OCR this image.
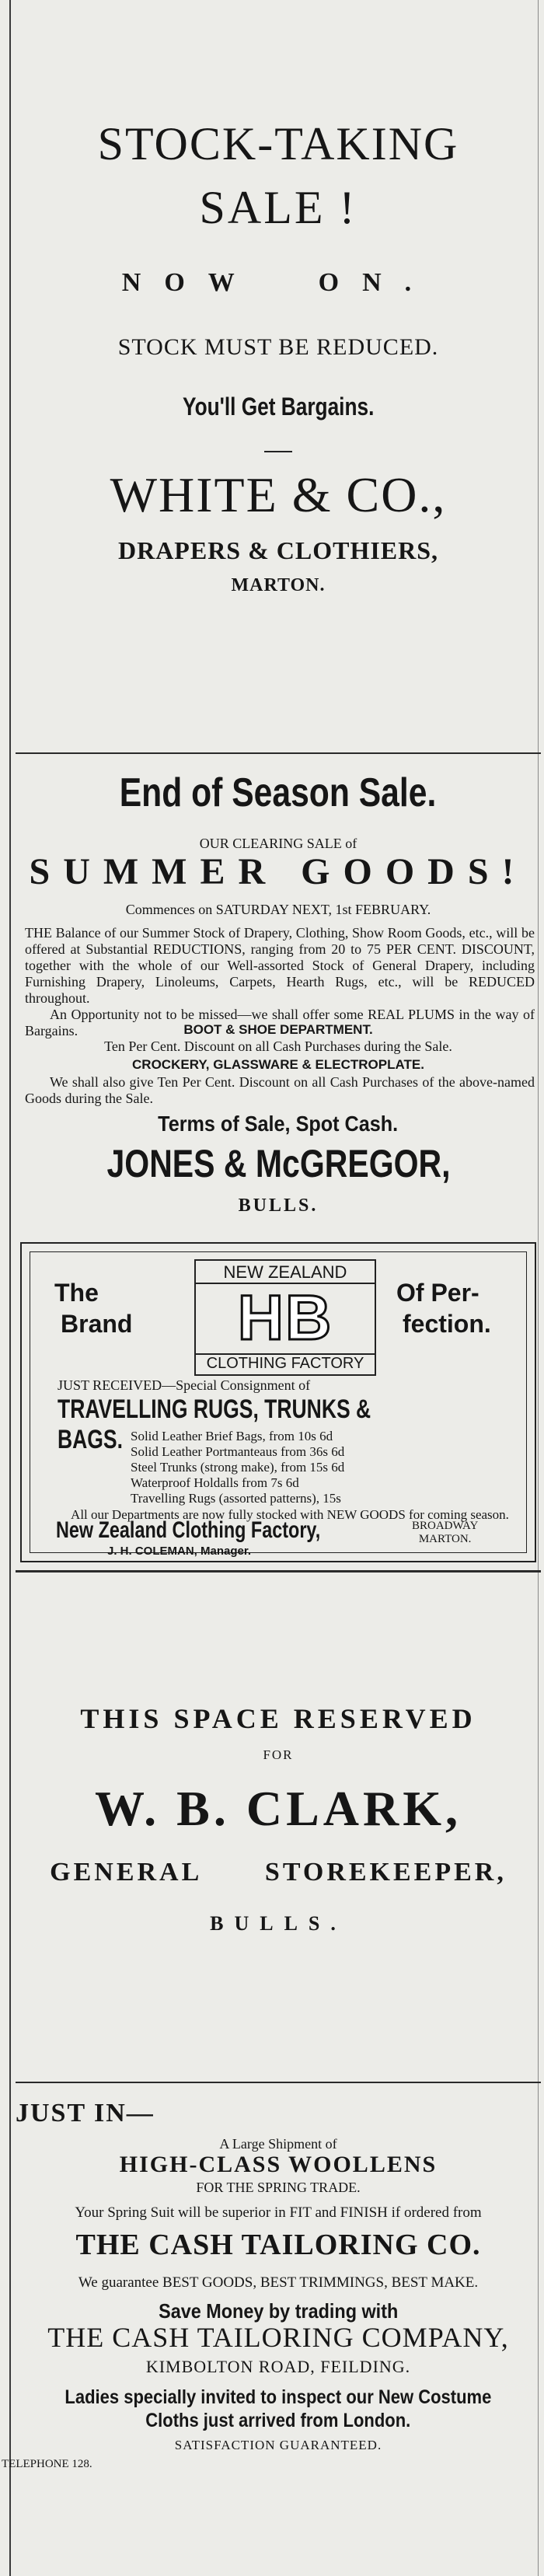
STOCK-TAKING
SALE !
NOW ON.
STOCK MUST BE REDUCED.
You'll Get Bargains.
WHITE & CO.,
DRAPERS & CLOTHIERS,
MARTON.
End of Season Sale.
OUR CLEARING SALE of
SUMMER GOODS!
Commences on SATURDAY NEXT, 1st FEBRUARY.

THE Balance of our Summer Stock of Drapery, Clothing, Show Room Goods, etc., will be offered at Substantial REDUCTIONS, ranging from 20 to 75 PER CENT. DISCOUNT, together with the whole of our Well-assorted Stock of General Drapery, including Furnishing Drapery, Linoleums, Carpets, Hearth Rugs, etc., will be REDUCED throughout.

An Opportunity not to be missed—we shall offer some REAL PLUMS in the way of Bargains.	BOOT & SHOE DEPARTMENT.
Ten Per Cent. Discount on all Cash Purchases during the Sale.
CROCKERY, GLASSWARE & ELECTROPLATE.

We shall also give Ten Per Cent. Discount on all Cash Purchases of the above-named Goods during the Sale.

Terms of Sale, Spot Cash.
JONES & McGREGOR,
BULLS.
The
Brand
Of Per-
fection.
NEW ZEALAND
HB
CLOTHING FACTORY
JUST RECEIVED—Special Consignment of
TRAVELLING RUGS, TRUNKS & BAGS. Solid Leather Brief Bags, from 10s 6d
Solid Leather Portmanteaus from 36s 6d
Steel Trunks (strong make), from 15s 6d
Waterproof Holdalls from 7s 6d
Travelling Rugs (assorted patterns), 15s
All our Departments are now fully stocked with NEW GOODS for coming season.
New Zealand Clothing Factory,	BROADWAY
MARTON.
J. H. COLEMAN, Manager.
THIS SPACE RESERVED
FOR
W. B. CLARK,
GENERAL STOREKEEPER,
BULLS.
JUST IN—
A Large Shipment of
HIGH-CLASS WOOLLENS
FOR THE SPRING TRADE.
Your Spring Suit will be superior in FIT and FINISH if ordered from
THE CASH TAILORING CO.
We guarantee BEST GOODS, BEST TRIMMINGS, BEST MAKE.
Save Money by trading with
THE CASH TAILORING COMPANY,
KIMBOLTON ROAD, FEILDING.
Ladies specially invited to inspect our New Costume
Cloths just arrived from London.
SATISFACTION GUARANTEED.
TELEPHONE 128.
